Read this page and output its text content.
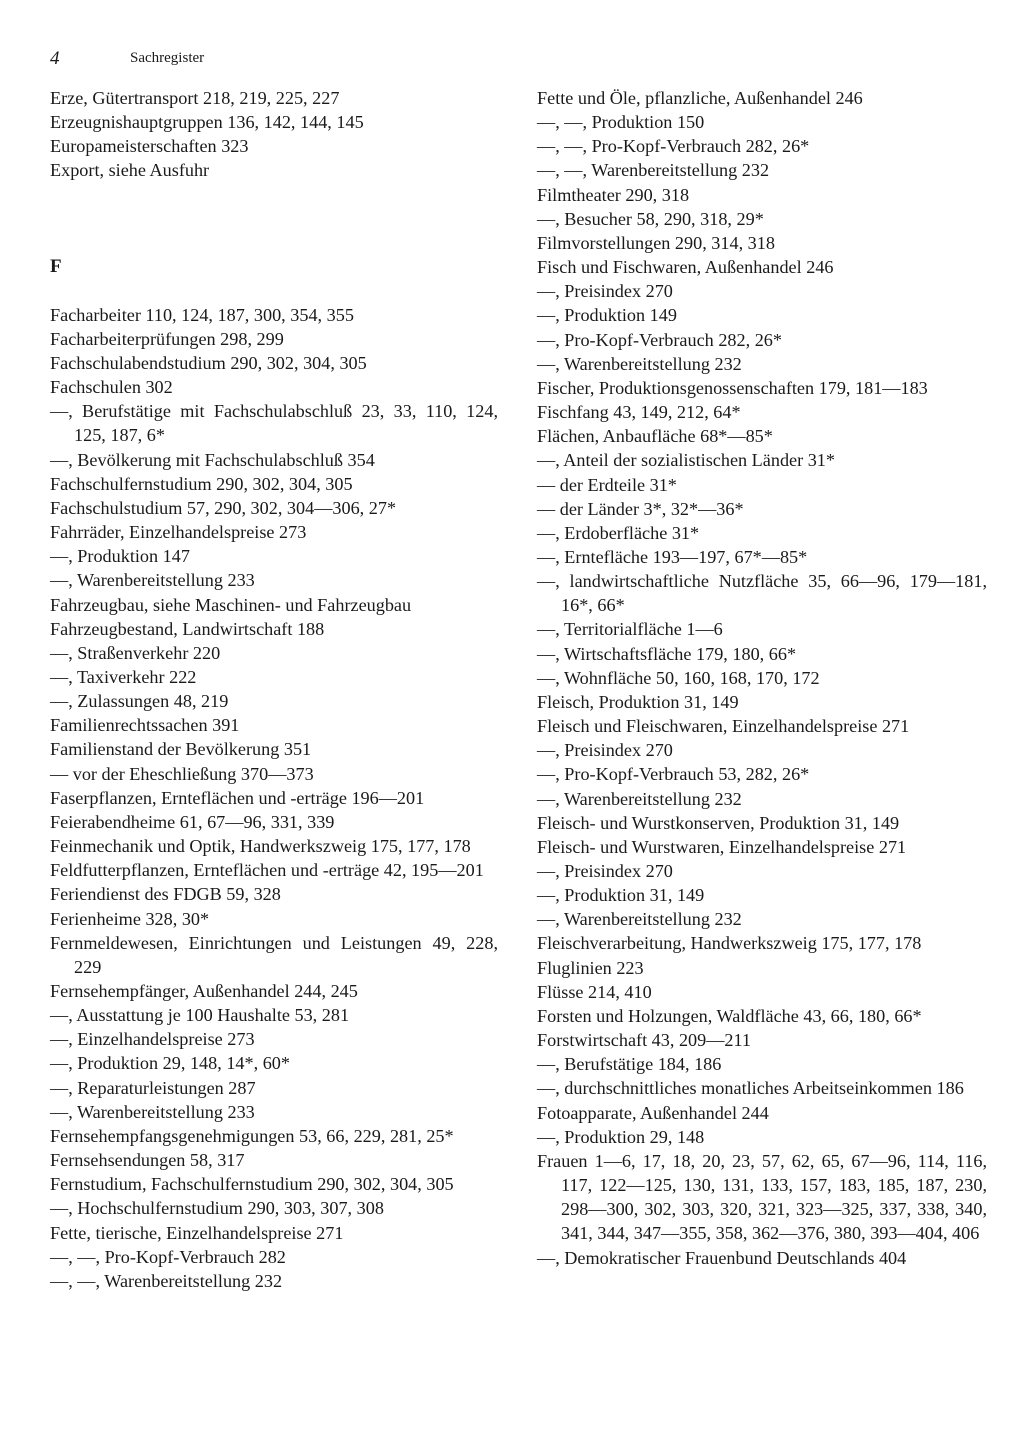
4	Sachregister
Erze, Gütertransport 218, 219, 225, 227
Erzeugnishauptgruppen 136, 142, 144, 145
Europameisterschaften 323
Export, siehe Ausfuhr
F
Facharbeiter 110, 124, 187, 300, 354, 355
Facharbeiterprüfungen 298, 299
Fachschulabendstudium 290, 302, 304, 305
Fachschulen 302
—, Berufstätige mit Fachschulabschluß 23, 33, 110, 124, 125, 187, 6*
—, Bevölkerung mit Fachschulabschluß 354
Fachschulfernstudium 290, 302, 304, 305
Fachschulstudium 57, 290, 302, 304—306, 27*
Fahrräder, Einzelhandelspreise 273
—, Produktion 147
—, Warenbereitstellung 233
Fahrzeugbau, siehe Maschinen- und Fahrzeugbau
Fahrzeugbestand, Landwirtschaft 188
—, Straßenverkehr 220
—, Taxiverkehr 222
—, Zulassungen 48, 219
Familienrechtssachen 391
Familienstand der Bevölkerung 351
— vor der Eheschließung 370—373
Faserpflanzen, Ernteflächen und -erträge 196—201
Feierabendheime 61, 67—96, 331, 339
Feinmechanik und Optik, Handwerkszweig 175, 177, 178
Feldfutterpflanzen, Ernteflächen und -erträge 42, 195—201
Feriendienst des FDGB 59, 328
Ferienheime 328, 30*
Fernmeldewesen, Einrichtungen und Leistungen 49, 228, 229
Fernsehempfänger, Außenhandel 244, 245
—, Ausstattung je 100 Haushalte 53, 281
—, Einzelhandelspreise 273
—, Produktion 29, 148, 14*, 60*
—, Reparaturleistungen 287
—, Warenbereitstellung 233
Fernsehempfangsgenehmigungen 53, 66, 229, 281, 25*
Fernsehsendungen 58, 317
Fernstudium, Fachschulfernstudium 290, 302, 304, 305
—, Hochschulfernstudium 290, 303, 307, 308
Fette, tierische, Einzelhandelspreise 271
—, —, Pro-Kopf-Verbrauch 282
—, —, Warenbereitstellung 232
Fette und Öle, pflanzliche, Außenhandel 246
—, —, Produktion 150
—, —, Pro-Kopf-Verbrauch 282, 26*
—, —, Warenbereitstellung 232
Filmtheater 290, 318
—, Besucher 58, 290, 318, 29*
Filmvorstellungen 290, 314, 318
Fisch und Fischwaren, Außenhandel 246
—, Preisindex 270
—, Produktion 149
—, Pro-Kopf-Verbrauch 282, 26*
—, Warenbereitstellung 232
Fischer, Produktionsgenossenschaften 179, 181—183
Fischfang 43, 149, 212, 64*
Flächen, Anbaufläche 68*—85*
—, Anteil der sozialistischen Länder 31*
— der Erdteile 31*
— der Länder 3*, 32*—36*
—, Erdoberfläche 31*
—, Erntefläche 193—197, 67*—85*
—, landwirtschaftliche Nutzfläche 35, 66—96, 179—181, 16*, 66*
—, Territorialfläche 1—6
—, Wirtschaftsfläche 179, 180, 66*
—, Wohnfläche 50, 160, 168, 170, 172
Fleisch, Produktion 31, 149
Fleisch und Fleischwaren, Einzelhandelspreise 271
—, Preisindex 270
—, Pro-Kopf-Verbrauch 53, 282, 26*
—, Warenbereitstellung 232
Fleisch- und Wurstkonserven, Produktion 31, 149
Fleisch- und Wurstwaren, Einzelhandelspreise 271
—, Preisindex 270
—, Produktion 31, 149
—, Warenbereitstellung 232
Fleischverarbeitung, Handwerkszweig 175, 177, 178
Fluglinien 223
Flüsse 214, 410
Forsten und Holzungen, Waldfläche 43, 66, 180, 66*
Forstwirtschaft 43, 209—211
—, Berufstätige 184, 186
—, durchschnittliches monatliches Arbeitseinkommen 186
Fotoapparate, Außenhandel 244
—, Produktion 29, 148
Frauen 1—6, 17, 18, 20, 23, 57, 62, 65, 67—96, 114, 116, 117, 122—125, 130, 131, 133, 157, 183, 185, 187, 230, 298—300, 302, 303, 320, 321, 323—325, 337, 338, 340, 341, 344, 347—355, 358, 362—376, 380, 393—404, 406
—, Demokratischer Frauenbund Deutschlands 404
